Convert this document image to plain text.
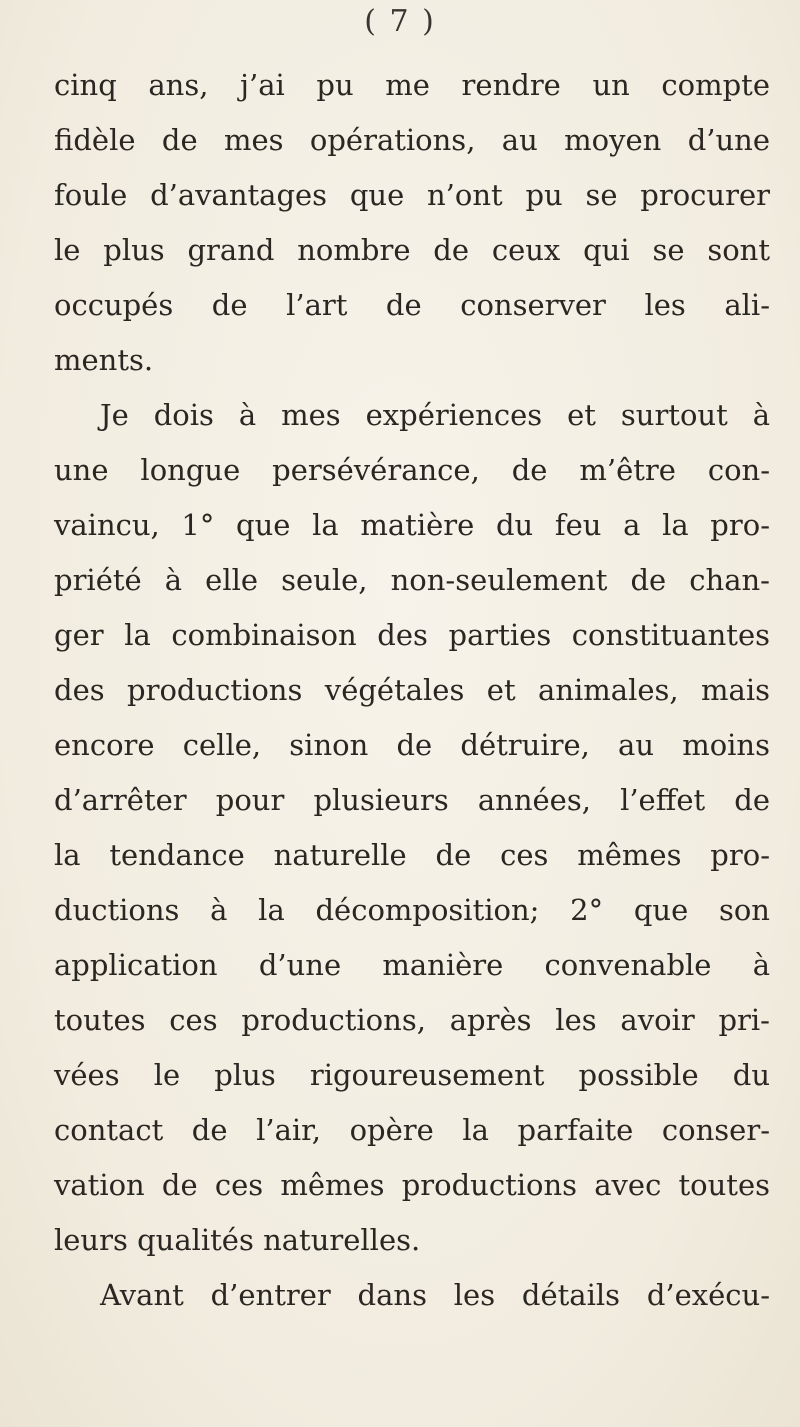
( 7 )
cinq ans, j’ai pu me rendre un compte
fidèle de mes opérations, au moyen d’une
foule d’avantages que n’ont pu se procurer
le plus grand nombre de ceux qui se sont
occupés de l’art de conserver les ali-
ments.
Je dois à mes expériences et surtout à
une longue persévérance, de m’être con-
vaincu, 1° que la matière du feu a la pro-
priété à elle seule, non-seulement de chan-
ger la combinaison des parties constituantes
des productions végétales et animales, mais
encore celle, sinon de détruire, au moins
d’arrêter pour plusieurs années, l’effet de
la tendance naturelle de ces mêmes pro-
ductions à la décomposition; 2° que son
application d’une manière convenable à
toutes ces productions, après les avoir pri-
vées le plus rigoureusement possible du
contact de l’air, opère la parfaite conser-
vation de ces mêmes productions avec toutes
leurs qualités naturelles.
Avant d’entrer dans les détails d’exécu-
